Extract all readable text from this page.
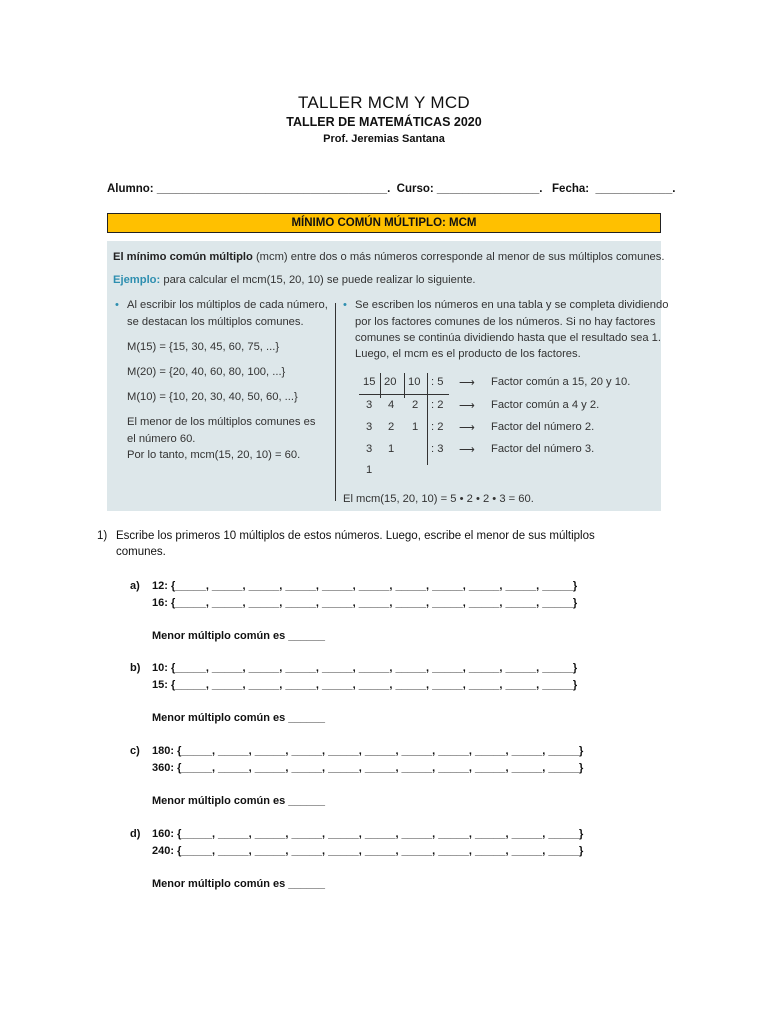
TALLER MCM Y MCD
TALLER DE MATEMÁTICAS 2020
Prof. Jeremias Santana
Alumno: ____________________________________.  Curso: ________________.   Fecha:  ____________.
MÍNIMO COMÚN MÚLTIPLO: MCM
El mínimo común múltiplo (mcm) entre dos o más números corresponde al menor de sus múltiplos comunes.
Ejemplo: para calcular el mcm(15, 20, 10) se puede realizar lo siguiente.
• Al escribir los múltiplos de cada número,
se destacan los múltiplos comunes.
M(15) = {15, 30, 45, 60, 75, ...}
M(20) = {20, 40, 60, 80, 100, ...}
M(10) = {10, 20, 30, 40, 50, 60, ...}
El menor de los múltiplos comunes es
el número 60.
Por lo tanto, mcm(15, 20, 10) = 60.
• Se escriben los números en una tabla y se completa dividiendo
por los factores comunes de los números. Si no hay factores
comunes se continúa dividiendo hasta que el resultado sea 1.
Luego, el mcm es el producto de los factores.
15 20 10 : 5 ⟶ Factor común a 15, 20 y 10.
3 4 2 : 2 ⟶ Factor común a 4 y 2.
3 2 1 : 2 ⟶ Factor del número 2.
3 1	: 3 ⟶ Factor del número 3.
1
El mcm(15, 20, 10) = 5 • 2 • 2 • 3 = 60.
1) Escribe los primeros 10 múltiplos de estos números. Luego, escribe el menor de sus múltiplos
comunes.
a) 12: {_____, _____, _____, _____, _____, _____, _____, _____, _____, _____, _____}
16: {_____, _____, _____, _____, _____, _____, _____, _____, _____, _____, _____}
Menor múltiplo común es ______
b) 10: {_____, _____, _____, _____, _____, _____, _____, _____, _____, _____, _____}
15: {_____, _____, _____, _____, _____, _____, _____, _____, _____, _____, _____}
Menor múltiplo común es ______
c) 180: {_____, _____, _____, _____, _____, _____, _____, _____, _____, _____, _____}
360: {_____, _____, _____, _____, _____, _____, _____, _____, _____, _____, _____}
Menor múltiplo común es ______
d) 160: {_____, _____, _____, _____, _____, _____, _____, _____, _____, _____, _____}
240: {_____, _____, _____, _____, _____, _____, _____, _____, _____, _____, _____}
Menor múltiplo común es ______
